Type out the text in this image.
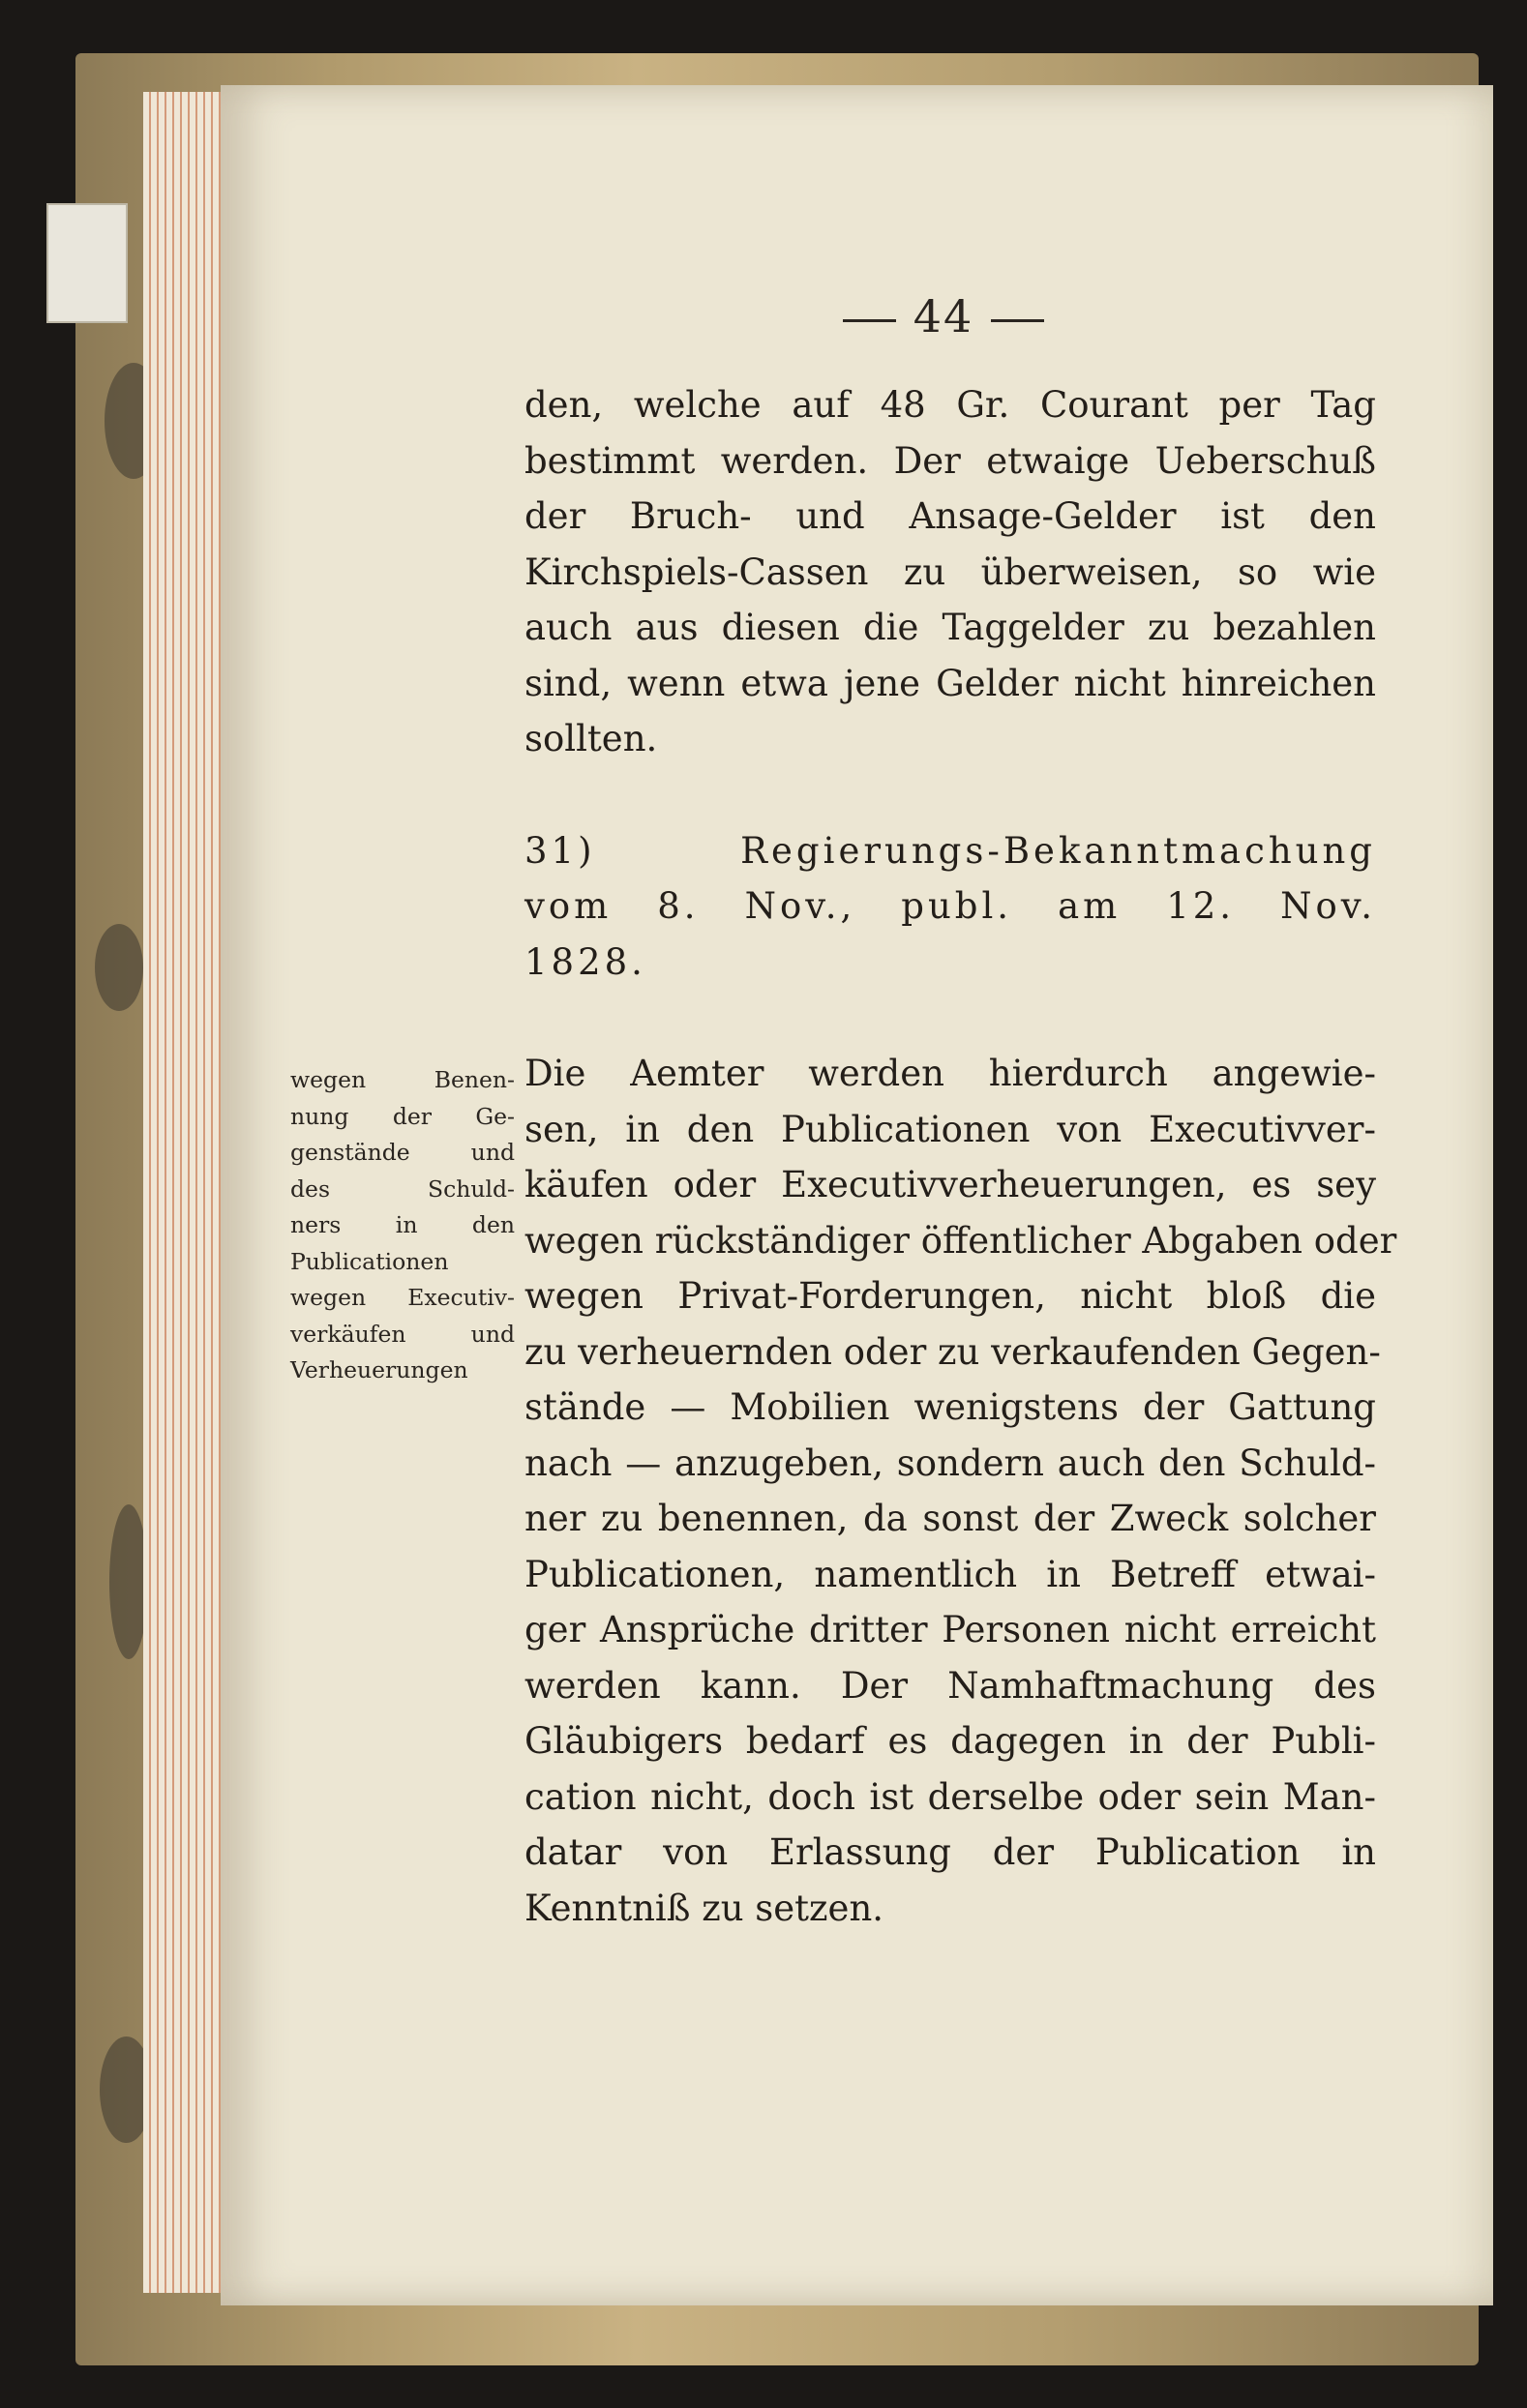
44
den, welche auf 48 Gr. Courant per Tag
bestimmt werden. Der etwaige Ueberschuß
der Bruch- und Ansage-Gelder ist den
Kirchspiels-Cassen zu überweisen, so wie
auch aus diesen die Taggelder zu bezahlen
sind, wenn etwa jene Gelder nicht hinreichen
sollten.
31) Regierungs-Bekanntmachung
vom 8. Nov., publ. am 12. Nov.
1828.
Die Aemter werden hierdurch angewie-
sen, in den Publicationen von Executivver-
käufen oder Executivverheuerungen, es sey
wegen rückständiger öffentlicher Abgaben oder
wegen Privat-Forderungen, nicht bloß die
zu verheuernden oder zu verkaufenden Gegen-
stände — Mobilien wenigstens der Gattung
nach — anzugeben, sondern auch den Schuld-
ner zu benennen, da sonst der Zweck solcher
Publicationen, namentlich in Betreff etwai-
ger Ansprüche dritter Personen nicht erreicht
werden kann. Der Namhaftmachung des
Gläubigers bedarf es dagegen in der Publi-
cation nicht, doch ist derselbe oder sein Man-
datar von Erlassung der Publication in
Kenntniß zu setzen.
wegen Benen-
nung der Ge-
genstände und
des Schuld-
ners in den
Publicationen
wegen Executiv-
verkäufen und
Verheuerungen
